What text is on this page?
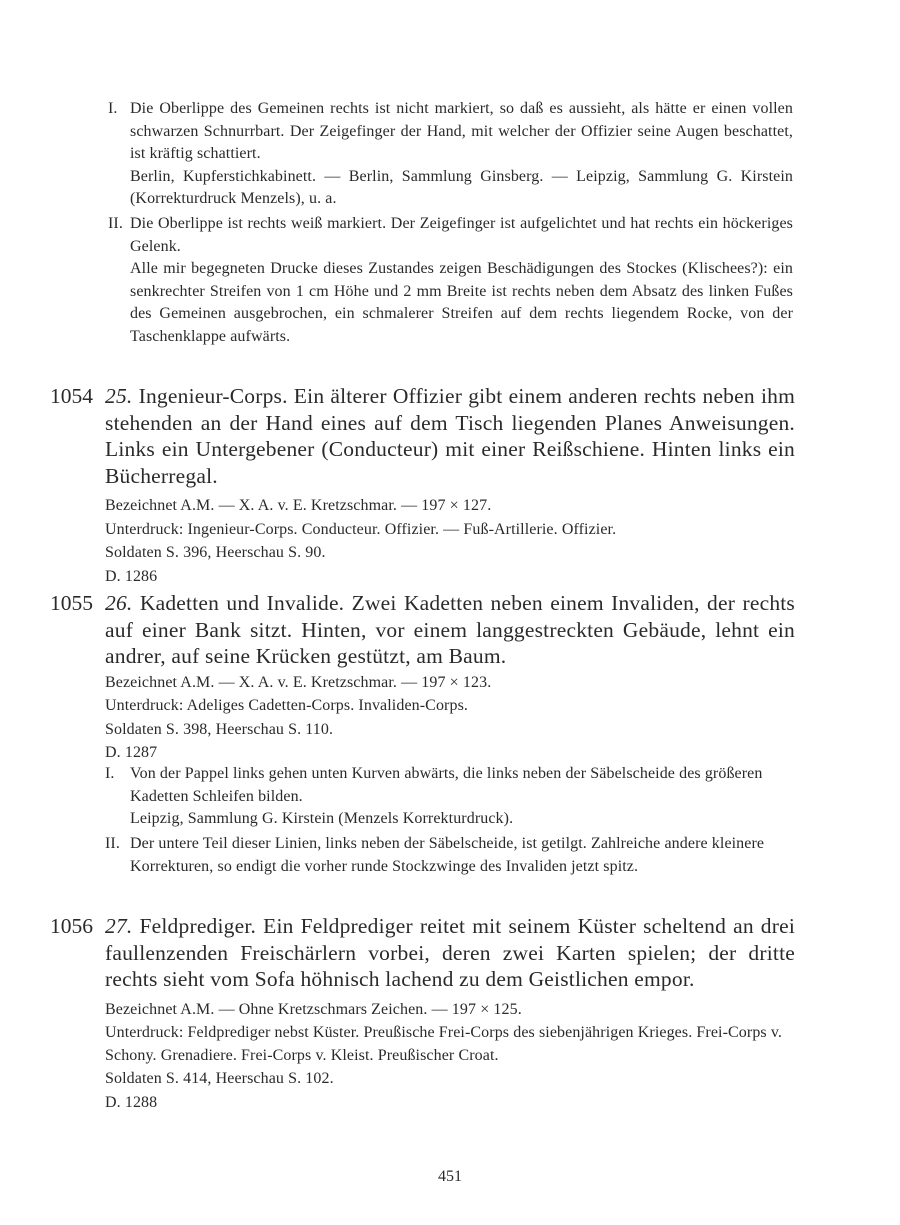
I. Die Oberlippe des Gemeinen rechts ist nicht markiert, so daß es aussieht, als hätte er einen vollen schwarzen Schnurrbart. Der Zeigefinger der Hand, mit welcher der Offizier seine Augen beschattet, ist kräftig schattiert.
Berlin, Kupferstichkabinett. — Berlin, Sammlung Ginsberg. — Leipzig, Sammlung G. Kirstein (Korrekturdruck Menzels), u. a.
II. Die Oberlippe ist rechts weiß markiert. Der Zeigefinger ist aufgelichtet und hat rechts ein höckeriges Gelenk.
Alle mir begegneten Drucke dieses Zustandes zeigen Beschädigungen des Stockes (Klischees?): ein senkrechter Streifen von 1 cm Höhe und 2 mm Breite ist rechts neben dem Absatz des linken Fußes des Gemeinen ausgebrochen, ein schmalerer Streifen auf dem rechts liegendem Rocke, von der Taschenklappe aufwärts.
1054 25. Ingenieur-Corps. Ein älterer Offizier gibt einem anderen rechts neben ihm stehenden an der Hand eines auf dem Tisch liegenden Planes Anweisungen. Links ein Untergebener (Conducteur) mit einer Reißschiene. Hinten links ein Bücherregal.
Bezeichnet A.M. — X. A. v. E. Kretzschmar. — 197 × 127.
Unterdruck: Ingenieur-Corps. Conducteur. Offizier. — Fuß-Artillerie. Offizier.
Soldaten S. 396, Heerschau S. 90.
D. 1286
1055 26. Kadetten und Invalide. Zwei Kadetten neben einem Invaliden, der rechts auf einer Bank sitzt. Hinten, vor einem langgestreckten Gebäude, lehnt ein andrer, auf seine Krücken gestützt, am Baum.
Bezeichnet A.M. — X. A. v. E. Kretzschmar. — 197 × 123.
Unterdruck: Adeliges Cadetten-Corps. Invaliden-Corps.
Soldaten S. 398, Heerschau S. 110.
D. 1287
I. Von der Pappel links gehen unten Kurven abwärts, die links neben der Säbelscheide des größeren Kadetten Schleifen bilden.
Leipzig, Sammlung G. Kirstein (Menzels Korrekturdruck).
II. Der untere Teil dieser Linien, links neben der Säbelscheide, ist getilgt. Zahlreiche andere kleinere Korrekturen, so endigt die vorher runde Stockzwinge des Invaliden jetzt spitz.
1056 27. Feldprediger. Ein Feldprediger reitet mit seinem Küster scheltend an drei faullenzenden Freischärlern vorbei, deren zwei Karten spielen; der dritte rechts sieht vom Sofa höhnisch lachend zu dem Geistlichen empor.
Bezeichnet A.M. — Ohne Kretzschmars Zeichen. — 197 × 125.
Unterdruck: Feldprediger nebst Küster. Preußische Frei-Corps des siebenjährigen Krieges. Frei-Corps v. Schony. Grenadiere. Frei-Corps v. Kleist. Preußischer Croat.
Soldaten S. 414, Heerschau S. 102.
D. 1288
451
